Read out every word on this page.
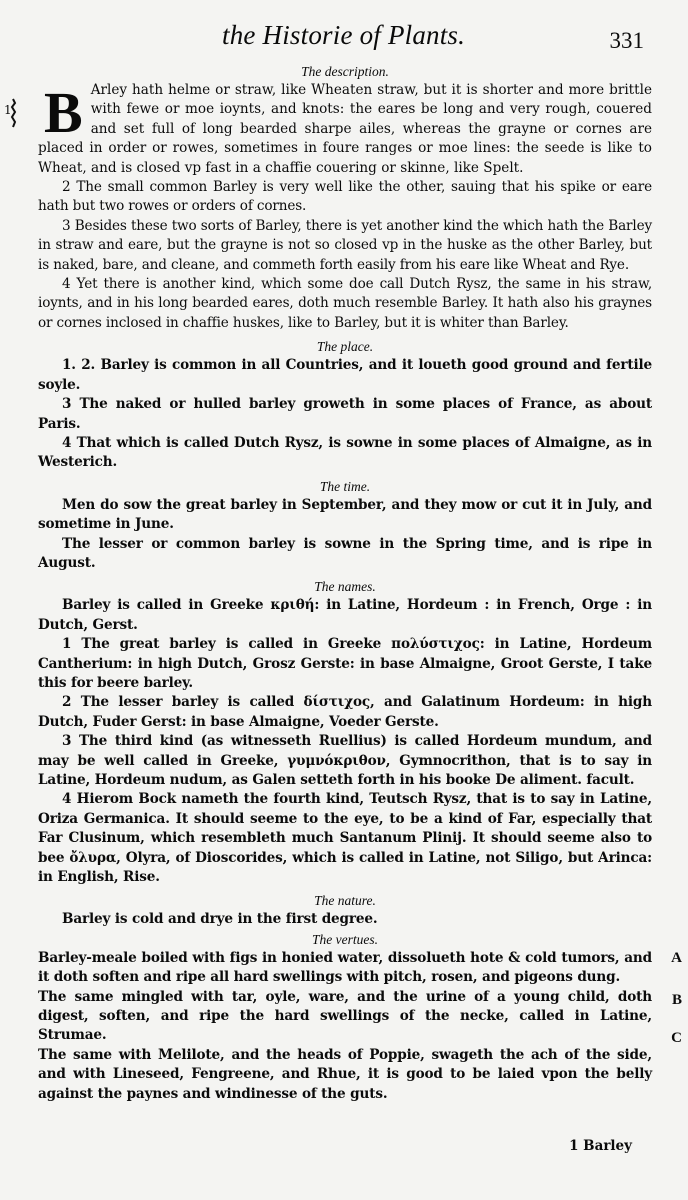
the Historie of Plants.	331

The description.

1 B Arley hath helme or straw, like Wheaten straw, but it is shorter and more brittle with fewe or moe ioynts, and knots: the eares be long and very rough, couered and set full of long bearded sharpe ailes, whereas the grayne or cornes are placed in order or rowes, sometimes in foure ranges or moe lines: the seede is like to Wheat, and is closed vp fast in a chaffie couering or skinne, like Spelt.

2 The small common Barley is very well like the other, sauing that his spike or eare hath but two rowes or orders of cornes.

3 Besides these two sorts of Barley, there is yet another kind the which hath the Barley in straw and eare, but the grayne is not so closed vp in the huske as the other Barley, but is naked, bare, and cleane, and commeth forth easily from his eare like Wheat and Rye.

4 Yet there is another kind, which some doe call Dutch Rysz, the same in his straw, ioynts, and in his long bearded eares, doth much resemble Barley. It hath also his graynes or cornes inclosed in chaffie huskes, like to Barley, but it is whiter than Barley.

The place.

1. 2. Barley is common in all Countries, and it loueth good ground and fertile soyle.

3 The naked or hulled barley groweth in some places of France, as about Paris.

4 That which is called Dutch Rysz, is sowne in some places of Almaigne, as in Westerich.

The time.

Men do sow the great barley in September, and they mow or cut it in July, and sometime in June.

The lesser or common barley is sowne in the Spring time, and is ripe in August.

The names.

Barley is called in Greeke κριθή: in Latine, Hordeum : in French, Orge : in Dutch, Gerst.

1 The great barley is called in Greeke πολύστιχος: in Latine, Hordeum Cantherium: in high Dutch, Grosz Gerste: in base Almaigne, Groot Gerste, I take this for beere barley.

2 The lesser barley is called δίστιχος, and Galatinum Hordeum: in high Dutch, Fuder Gerst: in base Almaigne, Voeder Gerste.

3 The third kind (as witnesseth Ruellius) is called Hordeum mundum, and may be well called in Greeke, γυμνόκριθον, Gymnocrithon, that is to say in Latine, Hordeum nudum, as Galen setteth forth in his booke De aliment. facult.

4 Hierom Bock nameth the fourth kind, Teutsch Rysz, that is to say in Latine, Oriza Germanica. It should seeme to the eye, to be a kind of Far, especially that Far Clusinum, which resembleth much Santanum Plinij. It should seeme also to bee ὄλυρα, Olyra, of Dioscorides, which is called in Latine, not Siligo, but Arinca: in English, Rise.

The nature.

Barley is cold and drye in the first degree.

The vertues.

Barley-meale boiled with figs in honied water, dissolueth hote & cold tumors, and it doth soften and ripe all hard swellings with pitch, rosen, and pigeons dung.

The same mingled with tar, oyle, ware, and the urine of a young child, doth digest, soften, and ripe the hard swellings of the necke, called in Latine, Strumae.

The same with Melilote, and the heads of Poppie, swageth the ach of the side, and with Lineseed, Fengreene, and Rhue, it is good to be laied vpon the belly against the paynes and windinesse of the guts.

A
B
C
1 Barley
